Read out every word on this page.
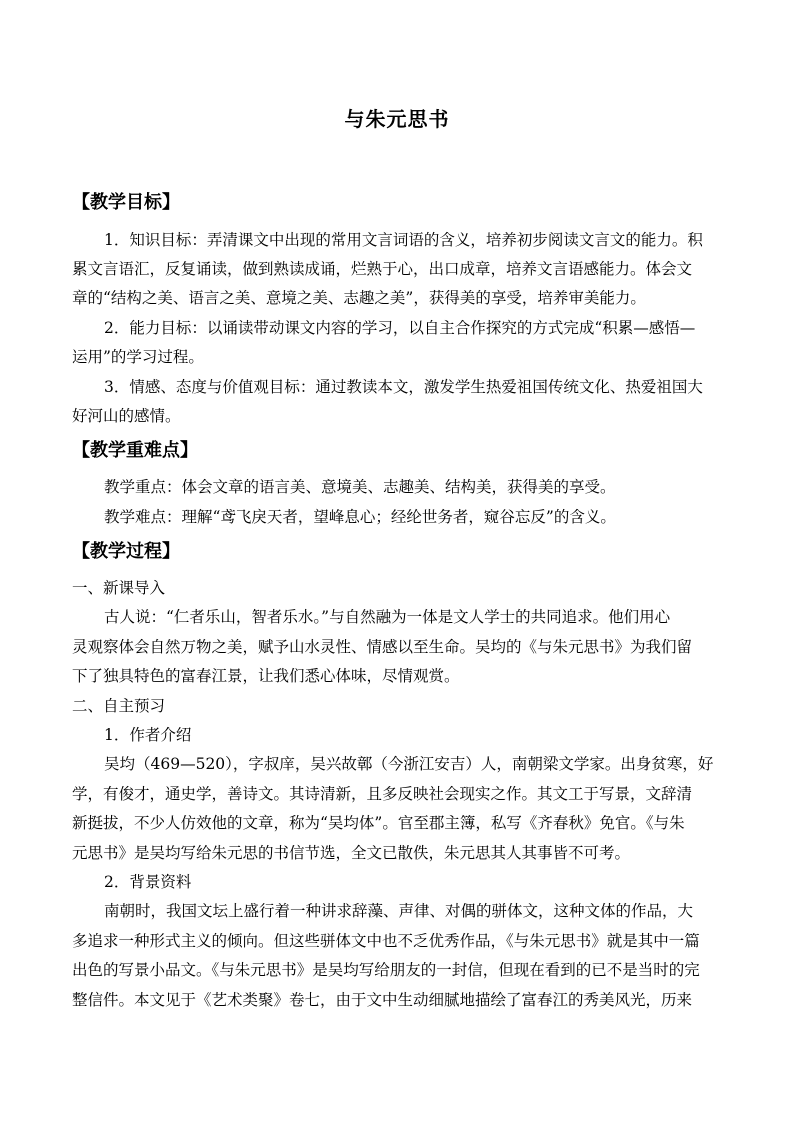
与朱元思书
【教学目标】
1．知识目标：弄清课文中出现的常用文言词语的含义，培养初步阅读文言文的能力。积
累文言语汇，反复诵读，做到熟读成诵，烂熟于心，出口成章，培养文言语感能力。体会文
章的“结构之美、语言之美、意境之美、志趣之美”，获得美的享受，培养审美能力。
2．能力目标：以诵读带动课文内容的学习，以自主合作探究的方式完成“积累—感悟—
运用”的学习过程。
3．情感、态度与价值观目标：通过教读本文，激发学生热爱祖国传统文化、热爱祖国大
好河山的感情。
【教学重难点】
教学重点：体会文章的语言美、意境美、志趣美、结构美，获得美的享受。
教学难点：理解“鸢飞戾天者，望峰息心；经纶世务者，窥谷忘反”的含义。
【教学过程】
一、新课导入
古人说：“仁者乐山，智者乐水。”与自然融为一体是文人学士的共同追求。他们用心
灵观察体会自然万物之美，赋予山水灵性、情感以至生命。吴均的《与朱元思书》为我们留
下了独具特色的富春江景，让我们悉心体味，尽情观赏。
二、自主预习
1．作者介绍
吴均（469—520），字叔庠，吴兴故鄣（今浙江安吉）人，南朝梁文学家。出身贫寒，好
学，有俊才，通史学，善诗文。其诗清新，且多反映社会现实之作。其文工于写景，文辞清
新挺拔，不少人仿效他的文章，称为“吴均体”。官至郡主簿，私写《齐春秋》免官。《与朱
元思书》是吴均写给朱元思的书信节选，全文已散佚，朱元思其人其事皆不可考。
2．背景资料
南朝时，我国文坛上盛行着一种讲求辞藻、声律、对偶的骈体文，这种文体的作品，大
多追求一种形式主义的倾向。但这些骈体文中也不乏优秀作品，《与朱元思书》就是其中一篇
出色的写景小品文。《与朱元思书》是吴均写给朋友的一封信，但现在看到的已不是当时的完
整信件。本文见于《艺术类聚》卷七，由于文中生动细腻地描绘了富春江的秀美风光，历来
